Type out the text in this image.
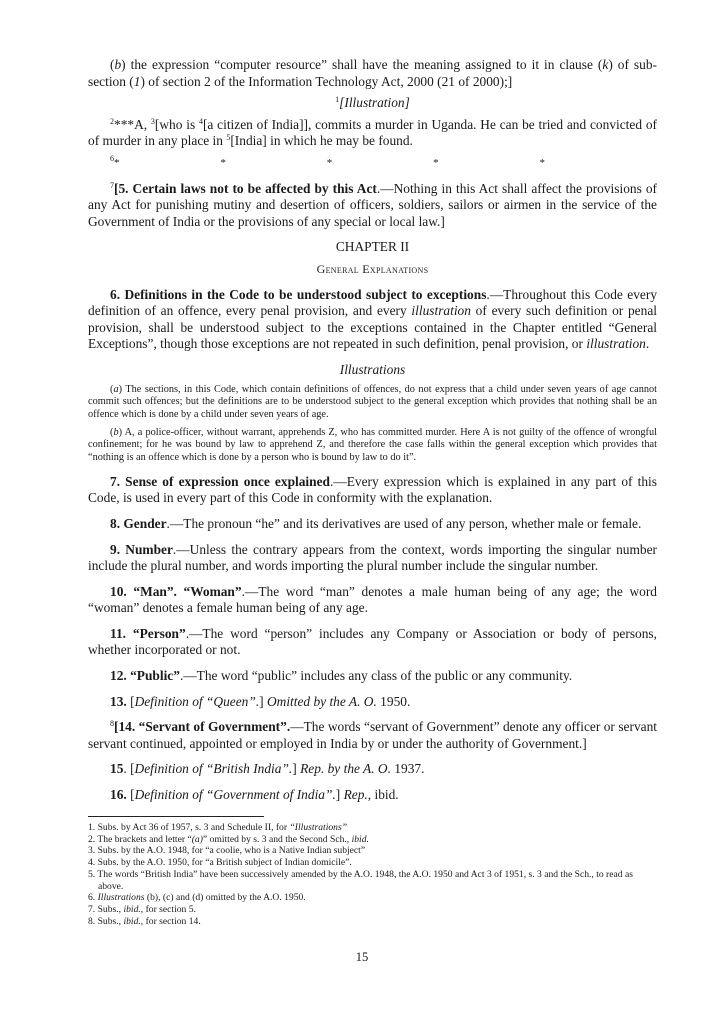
(b) the expression “computer resource” shall have the meaning assigned to it in clause (k) of sub-section (1) of section 2 of the Information Technology Act, 2000 (21 of 2000);]

$^1$[Illustration]

$^2$***A, $^3$[who is $^4$[a citizen of India]], commits a murder in Uganda. He can be tried and convicted of of murder in any place in $^5$[India] in which he may be found.

$^6$*	*	*	*	*

$^7$[5. Certain laws not to be affected by this Act.—Nothing in this Act shall affect the provisions of any Act for punishing mutiny and desertion of officers, soldiers, sailors or airmen in the service of the Government of India or the provisions of any special or local law.]

CHAPTER II

General Explanations

6. Definitions in the Code to be understood subject to exceptions.—Throughout this Code every definition of an offence, every penal provision, and every illustration of every such definition or penal provision, shall be understood subject to the exceptions contained in the Chapter entitled “General Exceptions”, though those exceptions are not repeated in such definition, penal provision, or illustration.

Illustrations

(a) The sections, in this Code, which contain definitions of offences, do not express that a child under seven years of age cannot commit such offences; but the definitions are to be understood subject to the general exception which provides that nothing shall be an offence which is done by a child under seven years of age.

(b) A, a police-officer, without warrant, apprehends Z, who has committed murder. Here A is not guilty of the offence of wrongful confinement; for he was bound by law to apprehend Z, and therefore the case falls within the general exception which provides that “nothing is an offence which is done by a person who is bound by law to do it”.

7. Sense of expression once explained.—Every expression which is explained in any part of this Code, is used in every part of this Code in conformity with the explanation.

8. Gender.—The pronoun “he” and its derivatives are used of any person, whether male or female.

9. Number.—Unless the contrary appears from the context, words importing the singular number include the plural number, and words importing the plural number include the singular number.

10. “Man”. “Woman”.—The word “man” denotes a male human being of any age; the word “woman” denotes a female human being of any age.

11. “Person”.—The word “person” includes any Company or Association or body of persons, whether incorporated or not.

12. “Public”.—The word “public” includes any class of the public or any community.

13. [Definition of “Queen”.] Omitted by the A. O. 1950.

$^8$[14. “Servant of Government”.—The words “servant of Government” denote any officer or servant servant continued, appointed or employed in India by or under the authority of Government.]

15. [Definition of “British India”.] Rep. by the A. O. 1937.

16. [Definition of “Government of India”.] Rep., ibid.

1. Subs. by Act 36 of 1957, s. 3 and Schedule II, for “Illustrations”

2. The brackets and letter “(a)” omitted by s. 3 and the Second Sch., ibid.

3. Subs. by the A.O. 1948, for “a coolie, who is a Native Indian subject”

4. Subs. by the A.O. 1950, for “a British subject of Indian domicile”.

5. The words “British India” have been successively amended by the A.O. 1948, the A.O. 1950 and Act 3 of 1951, s. 3 and the Sch., to read as above.

6. Illustrations (b), (c) and (d) omitted by the A.O. 1950.

7. Subs., ibid., for section 5.

8. Subs., ibid., for section 14.

15
